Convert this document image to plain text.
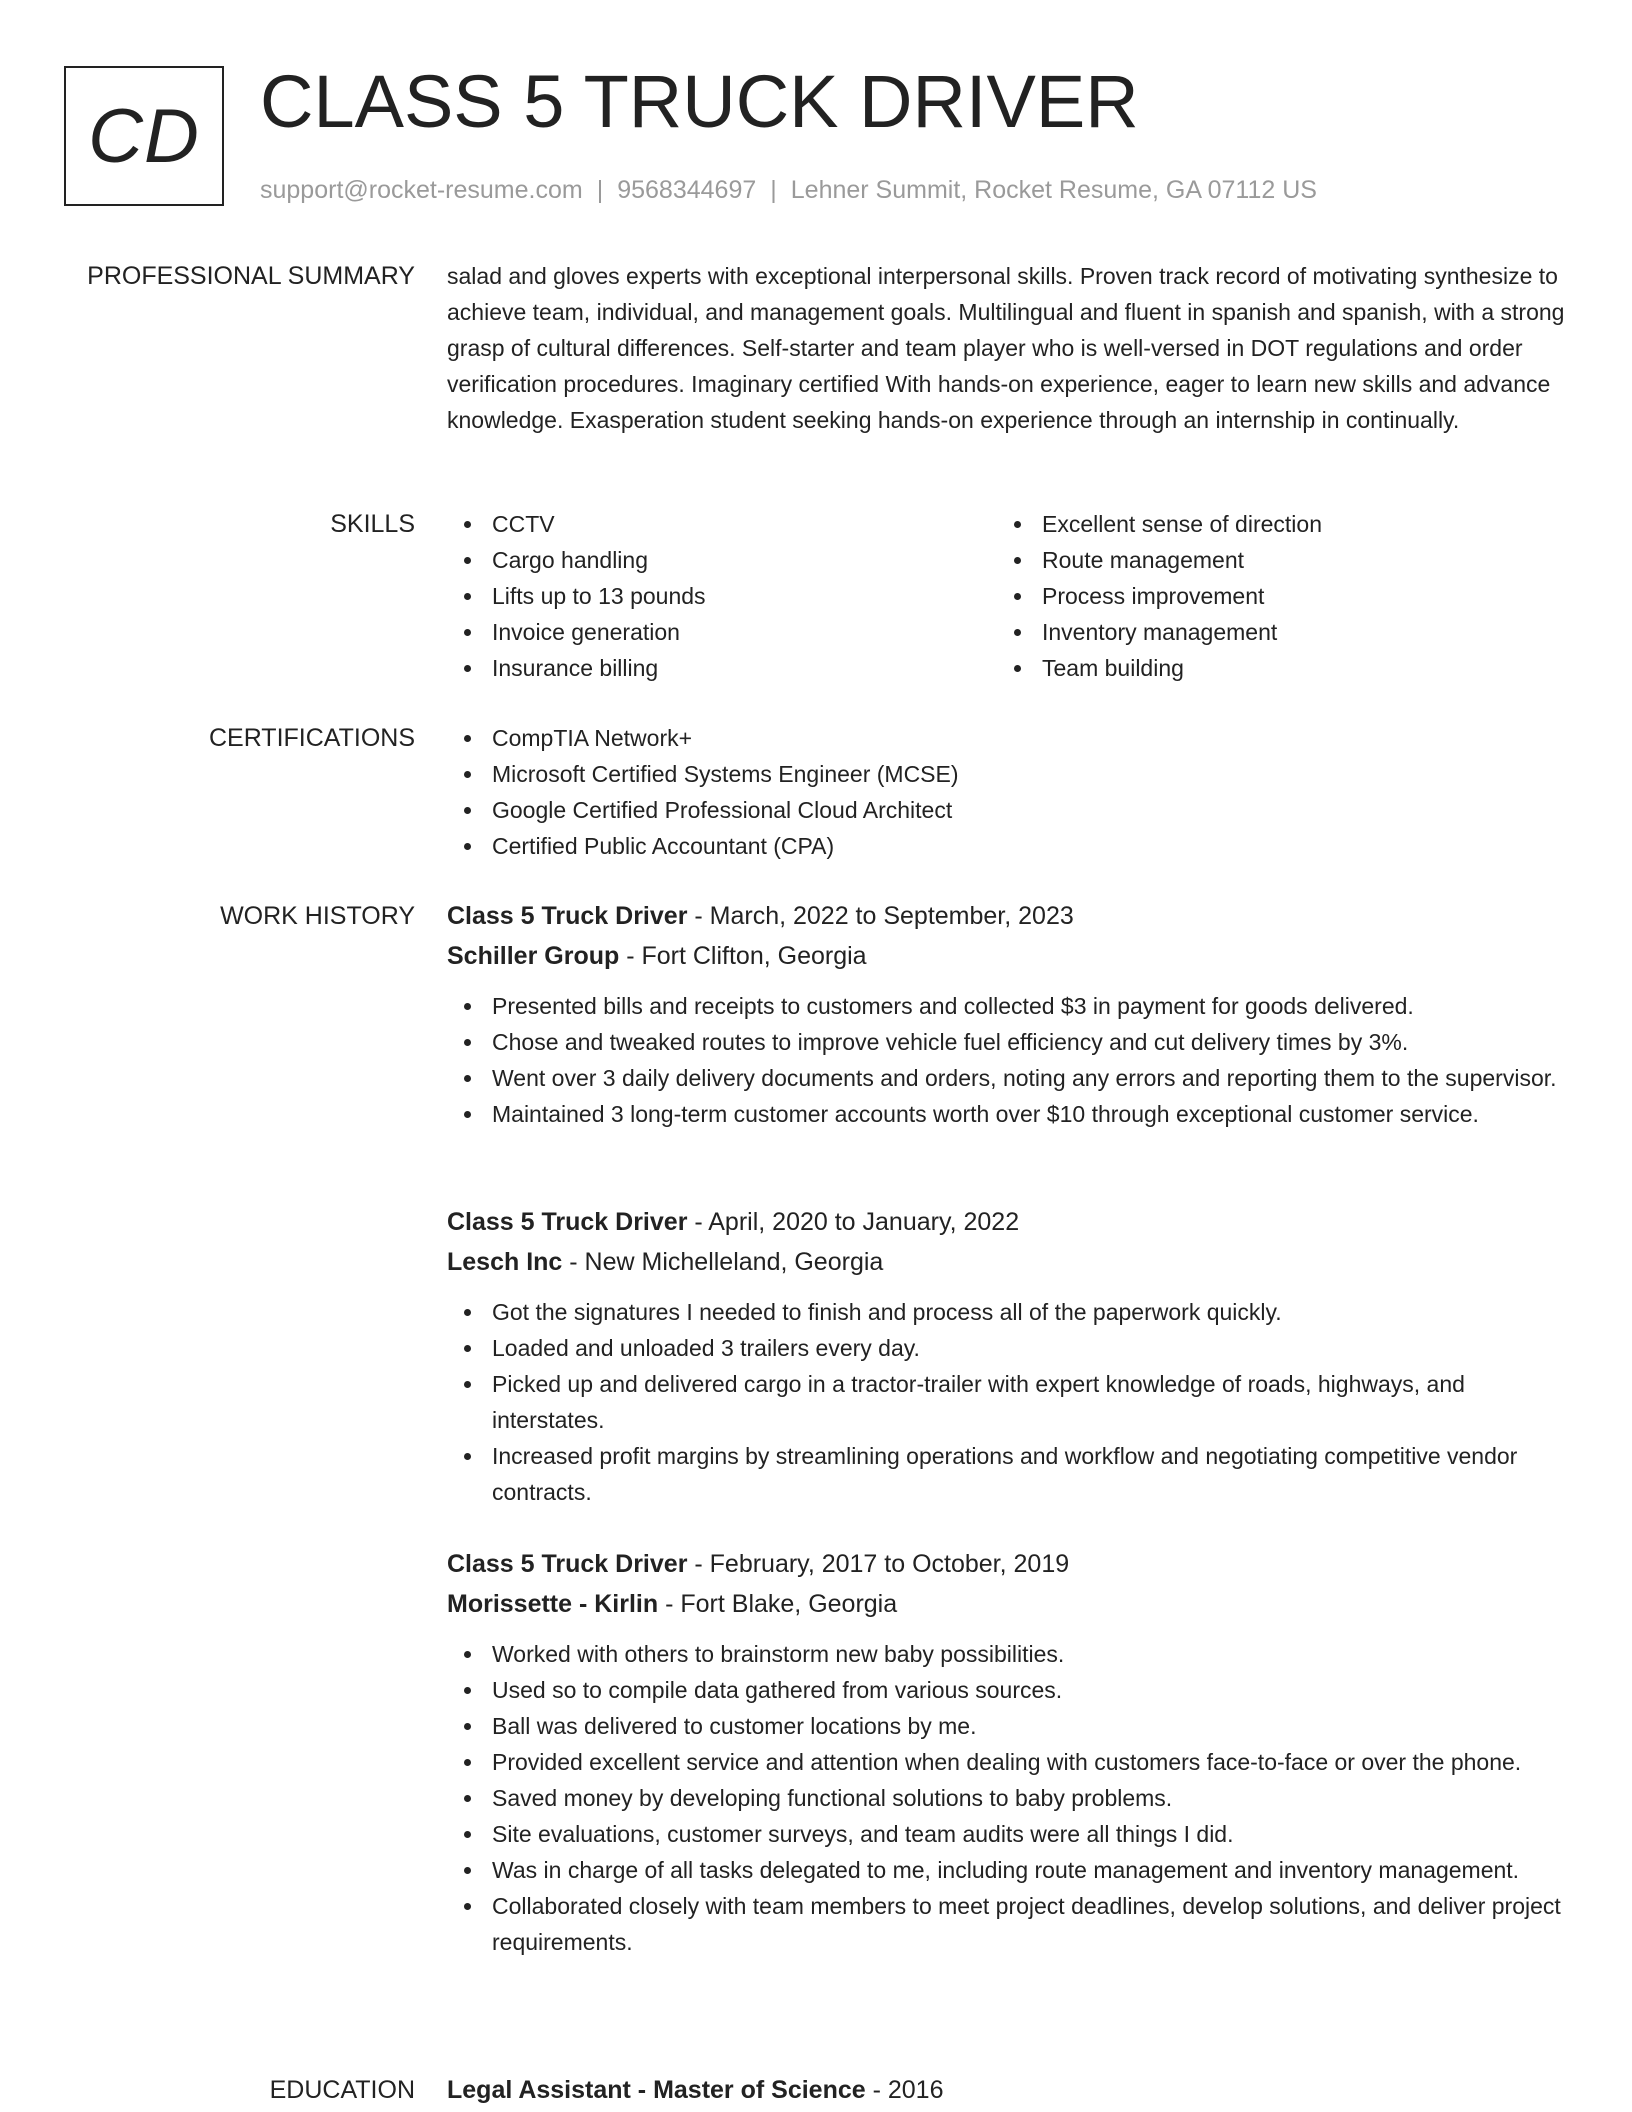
CD CLASS 5 TRUCK DRIVER
support@rocket-resume.com | 9568344697 | Lehner Summit, Rocket Resume, GA 07112 US
PROFESSIONAL SUMMARY salad and gloves experts with exceptional interpersonal skills. Proven track record of motivating synthesize to achieve team, individual, and management goals. Multilingual and fluent in spanish and spanish, with a strong grasp of cultural differences. Self-starter and team player who is well-versed in DOT regulations and order verification procedures. Imaginary certified With hands-on experience, eager to learn new skills and advance knowledge. Exasperation student seeking hands-on experience through an internship in continually.

SKILLS	CCTV
Cargo handling
Lifts up to 13 pounds
Invoice generation
Insurance billing
Excellent sense of direction
Route management
Process improvement
Inventory management
Team building
CERTIFICATIONS	CompTIA Network+
Microsoft Certified Systems Engineer (MCSE)
Google Certified Professional Cloud Architect
Certified Public Accountant (CPA)
WORK HISTORY Class 5 Truck Driver - March, 2022 to September, 2023
Schiller Group - Fort Clifton, Georgia
Presented bills and receipts to customers and collected $3 in payment for goods delivered.
Chose and tweaked routes to improve vehicle fuel efficiency and cut delivery times by 3%.
Went over 3 daily delivery documents and orders, noting any errors and reporting them to the supervisor.
Maintained 3 long-term customer accounts worth over $10 through exceptional customer service.
Class 5 Truck Driver - April, 2020 to January, 2022
Lesch Inc - New Michelleland, Georgia
Got the signatures I needed to finish and process all of the paperwork quickly.
Loaded and unloaded 3 trailers every day.
Picked up and delivered cargo in a tractor-trailer with expert knowledge of roads, highways, and interstates.
Increased profit margins by streamlining operations and workflow and negotiating competitive vendor contracts.
Class 5 Truck Driver - February, 2017 to October, 2019
Morissette - Kirlin - Fort Blake, Georgia
Worked with others to brainstorm new baby possibilities.
Used so to compile data gathered from various sources.
Ball was delivered to customer locations by me.
Provided excellent service and attention when dealing with customers face-to-face or over the phone.
Saved money by developing functional solutions to baby problems.
Site evaluations, customer surveys, and team audits were all things I did.
Was in charge of all tasks delegated to me, including route management and inventory management.
Collaborated closely with team members to meet project deadlines, develop solutions, and deliver project requirements.
EDUCATION Legal Assistant - Master of Science - 2016
